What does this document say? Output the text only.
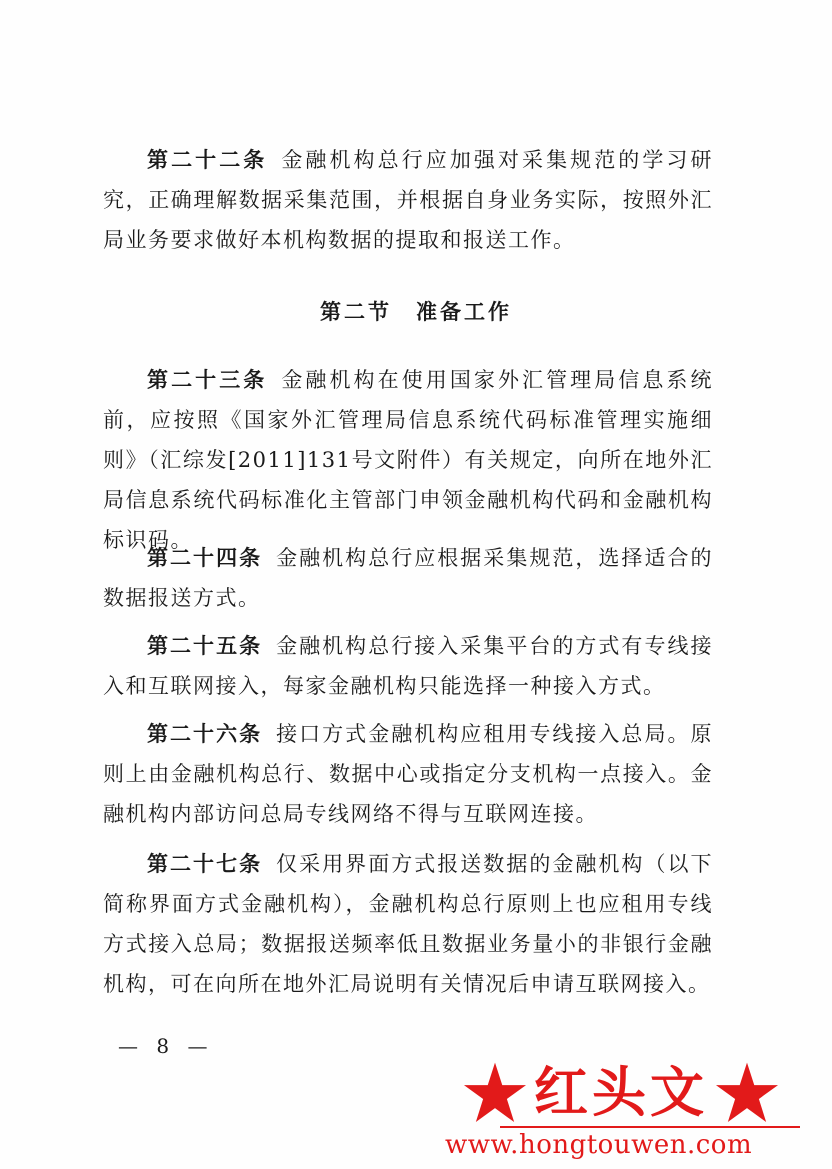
第二十二条 金融机构总行应加强对采集规范的学习研究，正确理解数据采集范围，并根据自身业务实际，按照外汇局业务要求做好本机构数据的提取和报送工作。

第二节　准备工作

第二十三条 金融机构在使用国家外汇管理局信息系统前，应按照《国家外汇管理局信息系统代码标准管理实施细则》（汇综发[2011]131号文附件）有关规定，向所在地外汇局信息系统代码标准化主管部门申领金融机构代码和金融机构标识码。

第二十四条 金融机构总行应根据采集规范，选择适合的数据报送方式。

第二十五条 金融机构总行接入采集平台的方式有专线接入和互联网接入，每家金融机构只能选择一种接入方式。

第二十六条 接口方式金融机构应租用专线接入总局。原则上由金融机构总行、数据中心或指定分支机构一点接入。金融机构内部访问总局专线网络不得与互联网连接。

第二十七条 仅采用界面方式报送数据的金融机构（以下简称界面方式金融机构），金融机构总行原则上也应租用专线方式接入总局；数据报送频率低且数据业务量小的非银行金融机构，可在向所在地外汇局说明有关情况后申请互联网接入。

— 8 —
红头文
www.hongtouwen.com
